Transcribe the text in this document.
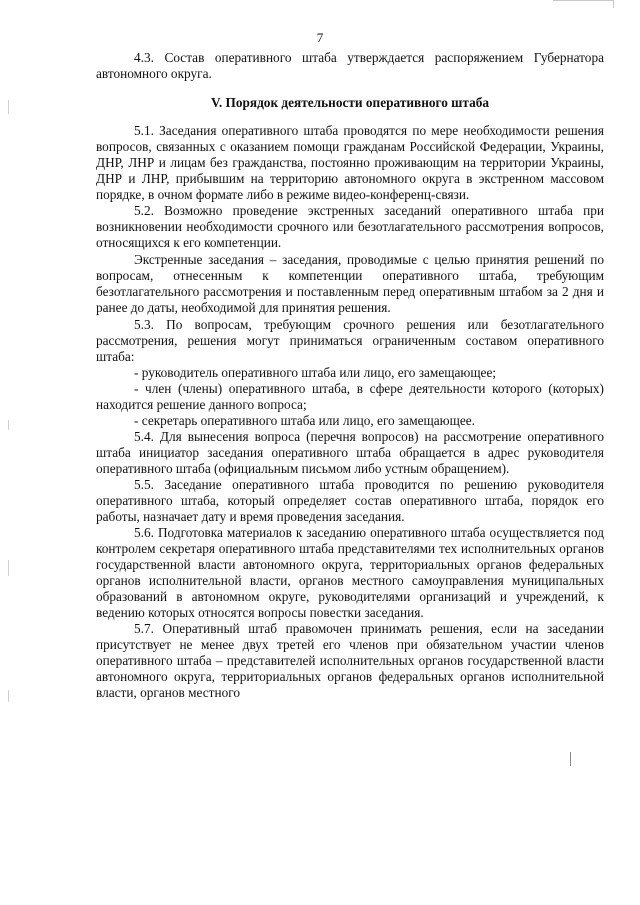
7

4.3. Состав оперативного штаба утверждается распоряжением Губернатора автономного округа.

V. Порядок деятельности оперативного штаба

5.1. Заседания оперативного штаба проводятся по мере необходимости решения вопросов, связанных с оказанием помощи гражданам Российской Федерации, Украины, ДНР, ЛНР и лицам без гражданства, постоянно проживающим на территории Украины, ДНР и ЛНР, прибывшим на территорию автономного округа в экстренном массовом порядке, в очном формате либо в режиме видео-конференц-связи.

5.2. Возможно проведение экстренных заседаний оперативного штаба при возникновении необходимости срочного или безотлагательного рассмотрения вопросов, относящихся к его компетенции.

Экстренные заседания – заседания, проводимые с целью принятия решений по вопросам, отнесенным к компетенции оперативного штаба, требующим безотлагательного рассмотрения и поставленным перед оперативным штабом за 2 дня и ранее до даты, необходимой для принятия решения.

5.3. По вопросам, требующим срочного решения или безотлагательного рассмотрения, решения могут приниматься ограниченным составом оперативного штаба:

- руководитель оперативного штаба или лицо, его замещающее;

- член (члены) оперативного штаба, в сфере деятельности которого (которых) находится решение данного вопроса;

- секретарь оперативного штаба или лицо, его замещающее.

5.4. Для вынесения вопроса (перечня вопросов) на рассмотрение оперативного штаба инициатор заседания оперативного штаба обращается в адрес руководителя оперативного штаба (официальным письмом либо устным обращением).

5.5. Заседание оперативного штаба проводится по решению руководителя оперативного штаба, который определяет состав оперативного штаба, порядок его работы, назначает дату и время проведения заседания.

5.6. Подготовка материалов к заседанию оперативного штаба осуществляется под контролем секретаря оперативного штаба представителями тех исполнительных органов государственной власти автономного округа, территориальных органов федеральных органов исполнительной власти, органов местного самоуправления муниципальных образований в автономном округе, руководителями организаций и учреждений, к ведению которых относятся вопросы повестки заседания.

5.7. Оперативный штаб правомочен принимать решения, если на заседании присутствует не менее двух третей его членов при обязательном участии членов оперативного штаба – представителей исполнительных органов государственной власти автономного округа, территориальных органов федеральных органов исполнительной власти, органов местного
